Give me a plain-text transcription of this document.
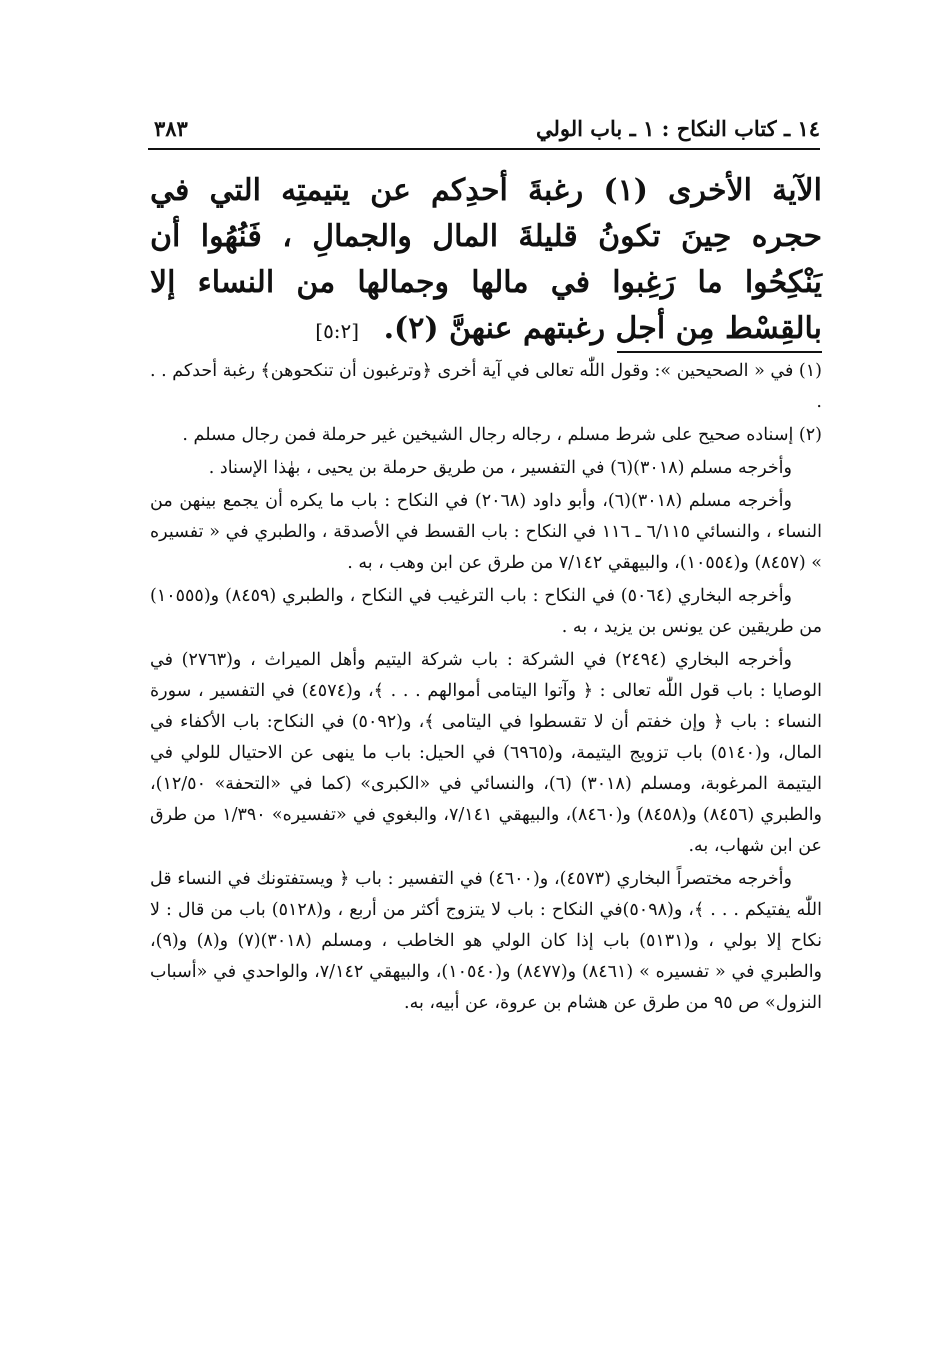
١٤ ـ كتاب النكاح : ١ ـ باب الولي
٣٨٣
الآية الأخرى (١) رغبةَ أحدِكم عن يتيمتِه التي في حجره حِينَ تكونُ قليلةَ المال والجمالِ ، فَنُهُوا أن يَنْكِحُوا ما رَغِبوا في مالها وجمالها من النساء إلا بالقِسْط مِن أجل رغبتهم عنهنَّ (٢). [٥:٢]

(١) في « الصحيحين »: وقول اللّٰه تعالى في آية أخرى ﴿وترغبون أن تنكحوهن﴾ رغبة أحدكم . . .

(٢) إسناده صحيح على شرط مسلم ، رجاله رجال الشيخين غير حرملة فمن رجال مسلم .

وأخرجه مسلم (٣٠١٨)(٦) في التفسير ، من طريق حرملة بن يحيى ، بهٰذا الإسناد .

وأخرجه مسلم (٣٠١٨)(٦)، وأبو داود (٢٠٦٨) في النكاح : باب ما يكره أن يجمع بينهن من النساء ، والنسائي ٦/١١٥ ـ ١١٦ في النكاح : باب القسط في الأصدقة ، والطبري في « تفسيره » (٨٤٥٧) و(١٠٥٥٤)، والبيهقي ٧/١٤٢ من طرق عن ابن وهب ، به .

وأخرجه البخاري (٥٠٦٤) في النكاح : باب الترغيب في النكاح ، والطبري (٨٤٥٩) و(١٠٥٥٥) من طريقين عن يونس بن يزيد ، به .

وأخرجه البخاري (٢٤٩٤) في الشركة : باب شركة اليتيم وأهل الميراث ، و(٢٧٦٣) في الوصايا : باب قول اللّٰه تعالى : ﴿ وآتوا اليتامى أموالهم . . . ﴾، و(٤٥٧٤) في التفسير ، سورة النساء : باب ﴿ وإن خفتم أن لا تقسطوا في اليتامى ﴾، و(٥٠٩٢) في النكاح: باب الأكفاء في المال، و(٥١٤٠) باب تزويج اليتيمة، و(٦٩٦٥) في الحيل: باب ما ينهى عن الاحتيال للولي في اليتيمة المرغوبة، ومسلم (٣٠١٨) (٦)، والنسائي في «الكبرى» (كما في «التحفة» ١٢/٥٠)، والطبري (٨٤٥٦) و(٨٤٥٨) و(٨٤٦٠)، والبيهقي ٧/١٤١، والبغوي في «تفسيره» ١/٣٩٠ من طرق عن ابن شهاب، به.

وأخرجه مختصراً البخاري (٤٥٧٣)، و(٤٦٠٠) في التفسير : باب ﴿ ويستفتونك في النساء قل اللّٰه يفتيكم . . . ﴾، و(٥٠٩٨)في النكاح : باب لا يتزوج أكثر من أربع ، و(٥١٢٨) باب من قال : لا نكاح إلا بولي ، و(٥١٣١) باب إذا كان الولي هو الخاطب ، ومسلم (٣٠١٨)(٧) و(٨) و(٩)، والطبري في « تفسيره » (٨٤٦١) و(٨٤٧٧) و(١٠٥٤٠)، والبيهقي ٧/١٤٢، والواحدي في «أسباب النزول» ص ٩٥ من طرق عن هشام بن عروة، عن أبيه، به.
